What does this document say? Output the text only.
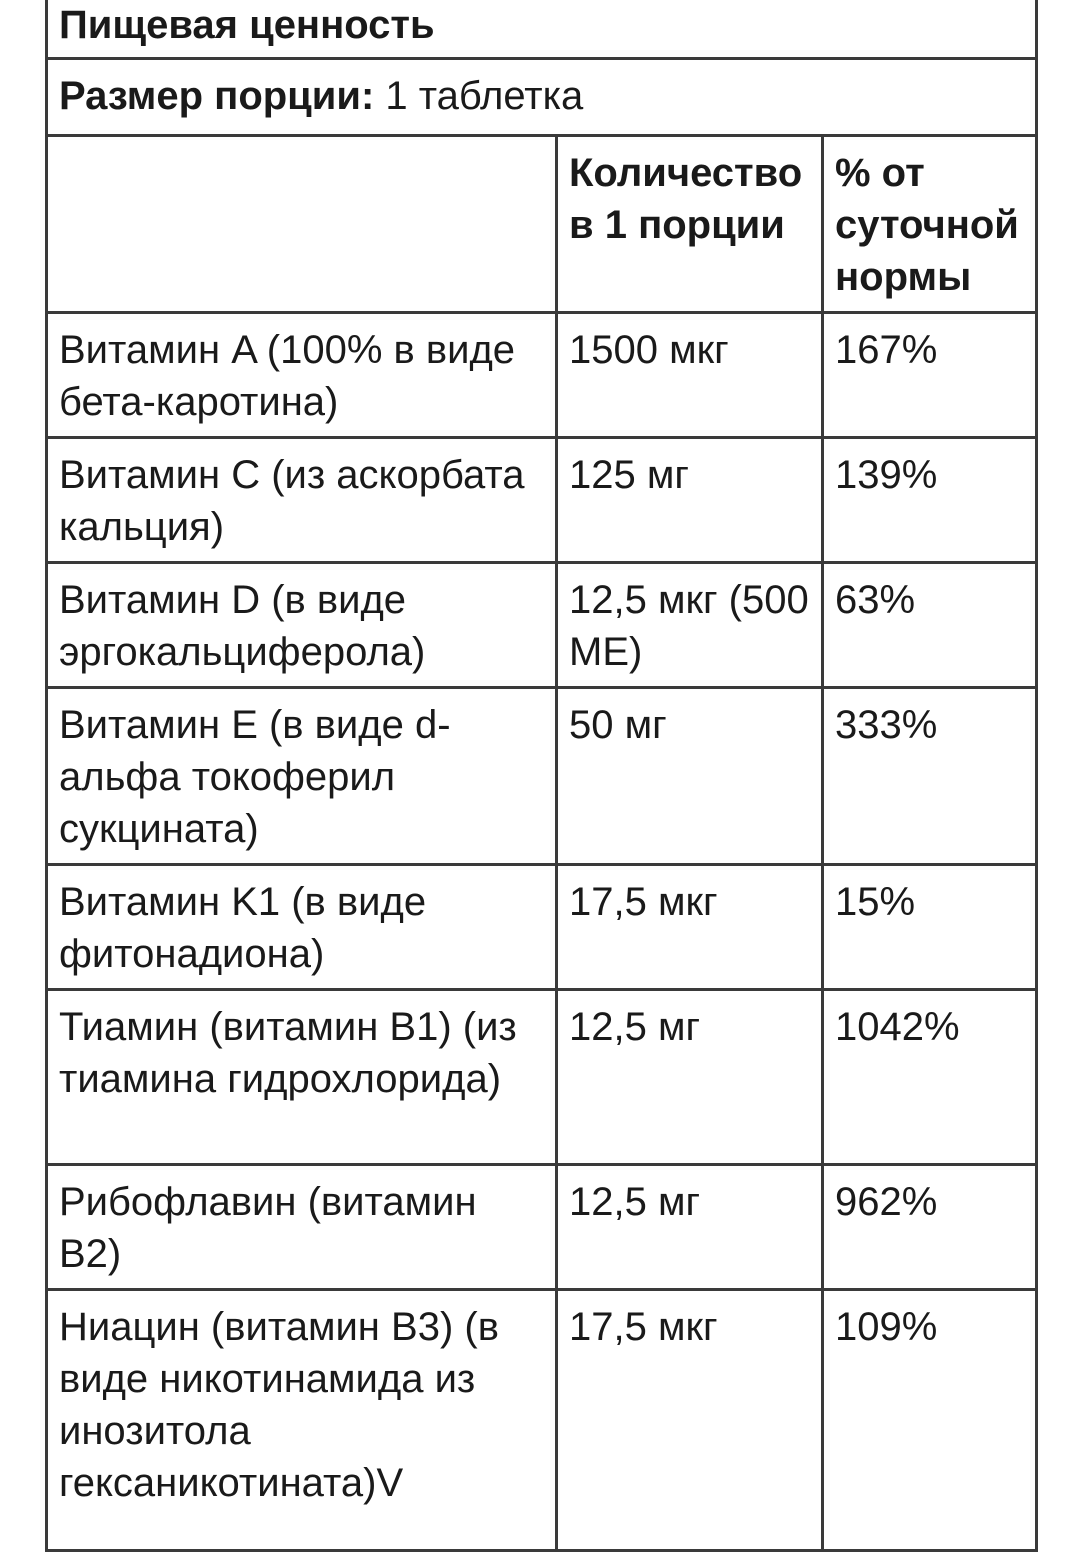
Пищевая ценность		
Размер порции: 1 таблетка		
	Количество в 1 порции	% от суточной нормы
Витамин A (100% в виде бета-каротина)	1500 мкг	167%
Витамин C (из аскорбата кальция)	125 мг	139%
Витамин D (в виде эргокальциферола)	12,5 мкг (500 МЕ)	63%
Витамин E (в виде d-альфа токоферил сукцината)	50 мг	333%
Витамин K1 (в виде фитонадиона)	17,5 мкг	15%
Тиамин (витамин B1) (из тиамина гидрохлорида)	12,5 мг	1042%
Рибофлавин (витамин B2)	12,5 мг	962%
Ниацин (витамин B3) (в виде никотинамида из инозитола гексаникотината)V	17,5 мкг	109%
